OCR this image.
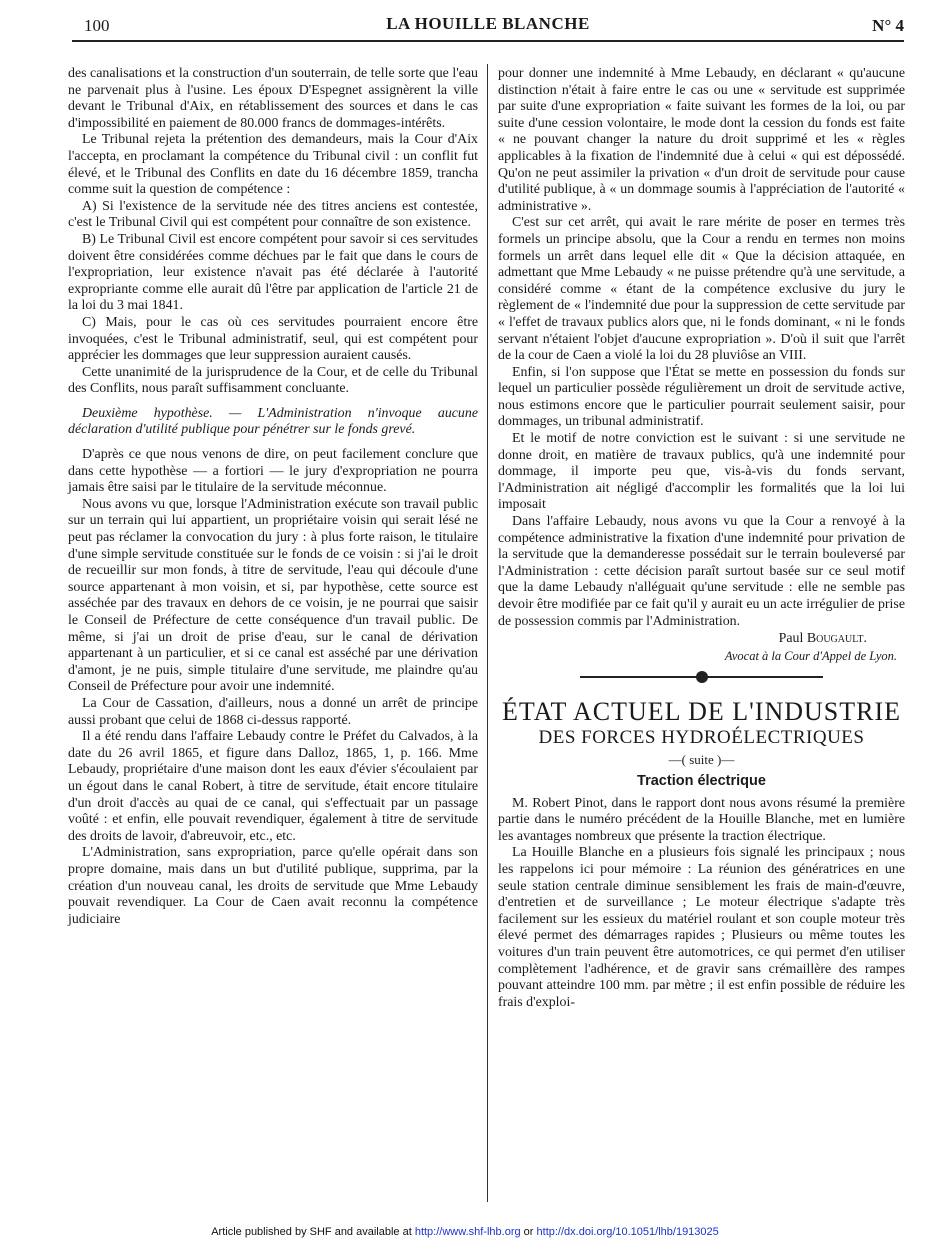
100	LA HOUILLE BLANCHE	N° 4

des canalisations et la construction d'un souterrain, de telle sorte que l'eau ne parvenait plus à l'usine. Les époux D'Espegnet assignèrent la ville devant le Tribunal d'Aix, en rétablissement des sources et dans le cas d'impossibilité en paiement de 80.000 francs de dommages-intérêts.

Le Tribunal rejeta la prétention des demandeurs, mais la Cour d'Aix l'accepta, en proclamant la compétence du Tribunal civil : un conflit fut élevé, et le Tribunal des Conflits en date du 16 décembre 1859, trancha comme suit la question de compétence :

A) Si l'existence de la servitude née des titres anciens est contestée, c'est le Tribunal Civil qui est compétent pour connaître de son existence.

B) Le Tribunal Civil est encore compétent pour savoir si ces servitudes doivent être considérées comme déchues par le fait que dans le cours de l'expropriation, leur existence n'avait pas été déclarée à l'autorité expropriante comme elle aurait dû l'être par application de l'article 21 de la loi du 3 mai 1841.

C) Mais, pour le cas où ces servitudes pourraient encore être invoquées, c'est le Tribunal administratif, seul, qui est compétent pour apprécier les dommages que leur suppression auraient causés.

Cette unanimité de la jurisprudence de la Cour, et de celle du Tribunal des Conflits, nous paraît suffisamment concluante.

Deuxième hypothèse. — L'Administration n'invoque aucune déclaration d'utilité publique pour pénétrer sur le fonds grevé.

D'après ce que nous venons de dire, on peut facilement conclure que dans cette hypothèse — a fortiori — le jury d'expropriation ne pourra jamais être saisi par le titulaire de la servitude méconnue.

Nous avons vu que, lorsque l'Administration exécute son travail public sur un terrain qui lui appartient, un propriétaire voisin qui serait lésé ne peut pas réclamer la convocation du jury : à plus forte raison, le titulaire d'une simple servitude constituée sur le fonds de ce voisin : si j'ai le droit de recueillir sur mon fonds, à titre de servitude, l'eau qui découle d'une source appartenant à mon voisin, et si, par hypothèse, cette source est asséchée par des travaux en dehors de ce voisin, je ne pourrai que saisir le Conseil de Préfecture de cette conséquence d'un travail public. De même, si j'ai un droit de prise d'eau, sur le canal de dérivation appartenant à un particulier, et si ce canal est asséché par une dérivation d'amont, je ne puis, simple titulaire d'une servitude, me plaindre qu'au Conseil de Préfecture pour avoir une indemnité.

La Cour de Cassation, d'ailleurs, nous a donné un arrêt de principe aussi probant que celui de 1868 ci-dessus rapporté.

Il a été rendu dans l'affaire Lebaudy contre le Préfet du Calvados, à la date du 26 avril 1865, et figure dans Dalloz, 1865, 1, p. 166. Mme Lebaudy, propriétaire d'une maison dont les eaux d'évier s'écoulaient par un égout dans le canal Robert, à titre de servitude, était encore titulaire d'un droit d'accès au quai de ce canal, qui s'effectuait par un passage voûté : et enfin, elle pouvait revendiquer, également à titre de servitude des droits de lavoir, d'abreuvoir, etc., etc.

L'Administration, sans expropriation, parce qu'elle opérait dans son propre domaine, mais dans un but d'utilité publique, supprima, par la création d'un nouveau canal, les droits de servitude que Mme Lebaudy pouvait revendiquer. La Cour de Caen avait reconnu la compétence judiciaire

pour donner une indemnité à Mme Lebaudy, en déclarant « qu'aucune distinction n'était à faire entre le cas ou une « servitude est supprimée par suite d'une expropriation « faite suivant les formes de la loi, ou par suite d'une cession volontaire, le mode dont la cession du fonds est faite « ne pouvant changer la nature du droit supprimé et les « règles applicables à la fixation de l'indemnité due à celui « qui est dépossédé. Qu'on ne peut assimiler la privation « d'un droit de servitude pour cause d'utilité publique, à « un dommage soumis à l'appréciation de l'autorité « administrative ».

C'est sur cet arrêt, qui avait le rare mérite de poser en termes très formels un principe absolu, que la Cour a rendu en termes non moins formels un arrêt dans lequel elle dit « Que la décision attaquée, en admettant que Mme Lebaudy « ne puisse prétendre qu'à une servitude, a considéré comme « étant de la compétence exclusive du jury le règlement de « l'indemnité due pour la suppression de cette servitude par « l'effet de travaux publics alors que, ni le fonds dominant, « ni le fonds servant n'étaient l'objet d'aucune expropriation ». D'où il suit que l'arrêt de la cour de Caen a violé la loi du 28 pluviôse an VIII.

Enfin, si l'on suppose que l'État se mette en possession du fonds sur lequel un particulier possède régulièrement un droit de servitude active, nous estimons encore que le particulier pourrait seulement saisir, pour dommages, un tribunal administratif.

Et le motif de notre conviction est le suivant : si une servitude ne donne droit, en matière de travaux publics, qu'à une indemnité pour dommage, il importe peu que, vis-à-vis du fonds servant, l'Administration ait négligé d'accomplir les formalités que la loi lui imposait

Dans l'affaire Lebaudy, nous avons vu que la Cour a renvoyé à la compétence administrative la fixation d'une indemnité pour privation de la servitude que la demanderesse possédait sur le terrain bouleversé par l'Administration : cette décision paraît surtout basée sur ce seul motif que la dame Lebaudy n'alléguait qu'une servitude : elle ne semble pas devoir être modifiée par ce fait qu'il y aurait eu un acte irrégulier de prise de possession commis par l'Administration.

Paul Bougault.
Avocat à la Cour d'Appel de Lyon.
ÉTAT ACTUEL DE L'INDUSTRIE
DES FORCES HYDROÉLECTRIQUES
—( suite )—
Traction électrique

M. Robert Pinot, dans le rapport dont nous avons résumé la première partie dans le numéro précédent de la Houille Blanche, met en lumière les avantages nombreux que présente la traction électrique.

La Houille Blanche en a plusieurs fois signalé les principaux ; nous les rappelons ici pour mémoire : La réunion des génératrices en une seule station centrale diminue sensiblement les frais de main-d'œuvre, d'entretien et de surveillance ; Le moteur électrique s'adapte très facilement sur les essieux du matériel roulant et son couple moteur très élevé permet des démarrages rapides ; Plusieurs ou même toutes les voitures d'un train peuvent être automotrices, ce qui permet d'en utiliser complètement l'adhérence, et de gravir sans crémaillère des rampes pouvant atteindre 100 mm. par mètre ; il est enfin possible de réduire les frais d'exploi-

Article published by SHF and available at http://www.shf-lhb.org or http://dx.doi.org/10.1051/lhb/1913025
